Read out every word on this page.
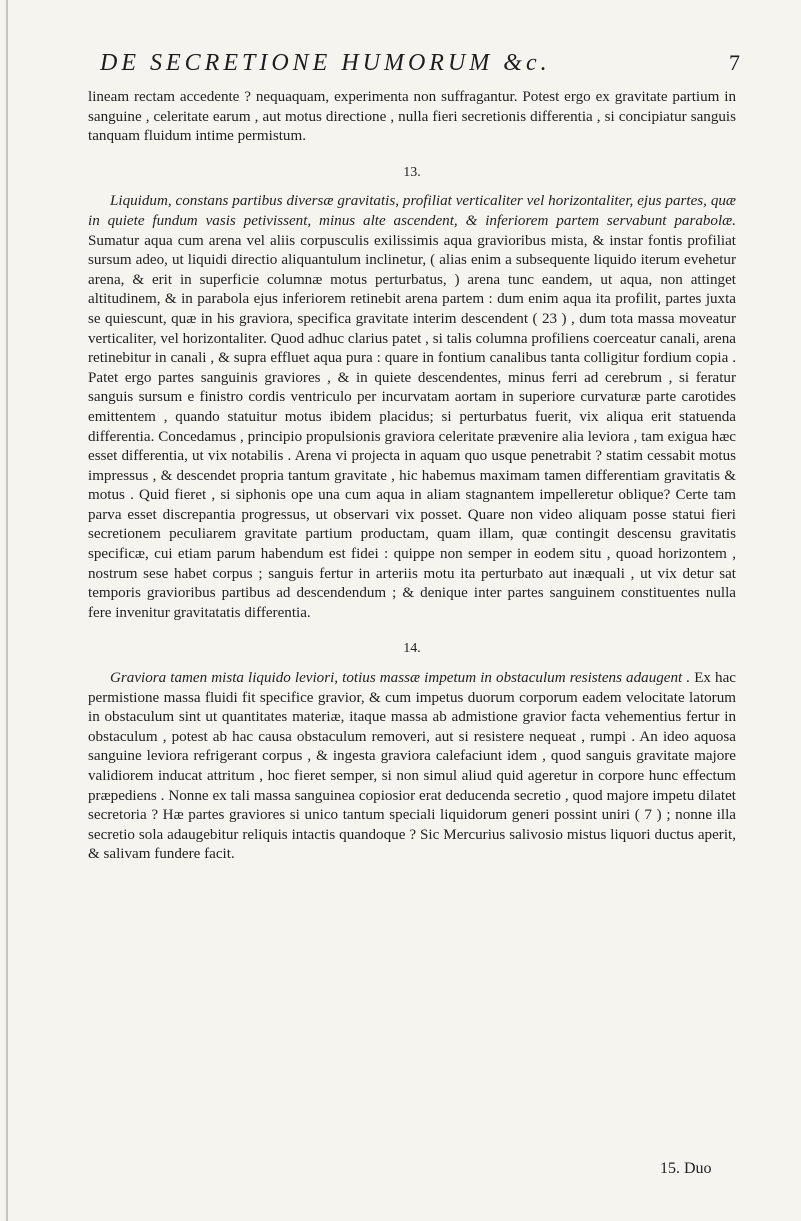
DE SECRETIONE HUMORUM &c.	7

lineam rectam accedente ? nequaquam, experimenta non suffragantur. Potest ergo ex gravitate partium in sanguine , celeritate earum , aut motus directione , nulla fieri secretionis differentia , si concipiatur sanguis tanquam fluidum intime permistum.

13.

Liquidum, constans partibus diversæ gravitatis, profiliat verticaliter vel horizontaliter, ejus partes, quæ in quiete fundum vasis petivissent, minus alte ascendent, & inferiorem partem servabunt parabolæ. Sumatur aqua cum arena vel aliis corpusculis exilissimis aqua gravioribus mista, & instar fontis profiliat sursum adeo, ut liquidi directio aliquantulum inclinetur, ( alias enim a subsequente liquido iterum evehetur arena, & erit in superficie columnæ motus perturbatus, ) arena tunc eandem, ut aqua, non attinget altitudinem, & in parabola ejus inferiorem retinebit arena partem : dum enim aqua ita profilit, partes juxta se quiescunt, quæ in his graviora, specifica gravitate interim descendent ( 23 ) , dum tota massa moveatur verticaliter, vel horizontaliter. Quod adhuc clarius patet , si talis columna profiliens coerceatur canali, arena retinebitur in canali , & supra effluet aqua pura : quare in fontium canalibus tanta colligitur fordium copia . Patet ergo partes sanguinis graviores , & in quiete descendentes, minus ferri ad cerebrum , si feratur sanguis sursum e finistro cordis ventriculo per incurvatam aortam in superiore curvaturæ parte carotides emittentem , quando statuitur motus ibidem placidus; si perturbatus fuerit, vix aliqua erit statuenda differentia. Concedamus , principio propulsionis graviora celeritate prævenire alia leviora , tam exigua hæc esset differentia, ut vix notabilis . Arena vi projecta in aquam quo usque penetrabit ? statim cessabit motus impressus , & descendet propria tantum gravitate , hic habemus maximam tamen differentiam gravitatis & motus . Quid fieret , si siphonis ope una cum aqua in aliam stagnantem impelleretur oblique? Certe tam parva esset discrepantia progressus, ut observari vix posset. Quare non video aliquam posse statui fieri secretionem peculiarem gravitate partium productam, quam illam, quæ contingit descensu gravitatis specificæ, cui etiam parum habendum est fidei : quippe non semper in eodem situ , quoad horizontem , nostrum sese habet corpus ; sanguis fertur in arteriis motu ita perturbato aut inæquali , ut vix detur sat temporis gravioribus partibus ad descendendum ; & denique inter partes sanguinem constituentes nulla fere invenitur gravitatatis differentia.

14.

Graviora tamen mista liquido leviori, totius massæ impetum in obstaculum resistens adaugent . Ex hac permistione massa fluidi fit specifice gravior, & cum impetus duorum corporum eadem velocitate latorum in obstaculum sint ut quantitates materiæ, itaque massa ab admistione gravior facta vehementius fertur in obstaculum , potest ab hac causa obstaculum removeri, aut si resistere nequeat , rumpi . An ideo aquosa sanguine leviora refrigerant corpus , & ingesta graviora calefaciunt idem , quod sanguis gravitate majore validiorem inducat attritum , hoc fieret semper, si non simul aliud quid ageretur in corpore hunc effectum præpediens . Nonne ex tali massa sanguinea copiosior erat deducenda secretio , quod majore impetu dilatet secretoria ? Hæ partes graviores si unico tantum speciali liquidorum generi possint uniri ( 7 ) ; nonne illa secretio sola adaugebitur reliquis intactis quandoque ? Sic Mercurius salivosio mistus liquori ductus aperit, & salivam fundere facit.

15. Duo
